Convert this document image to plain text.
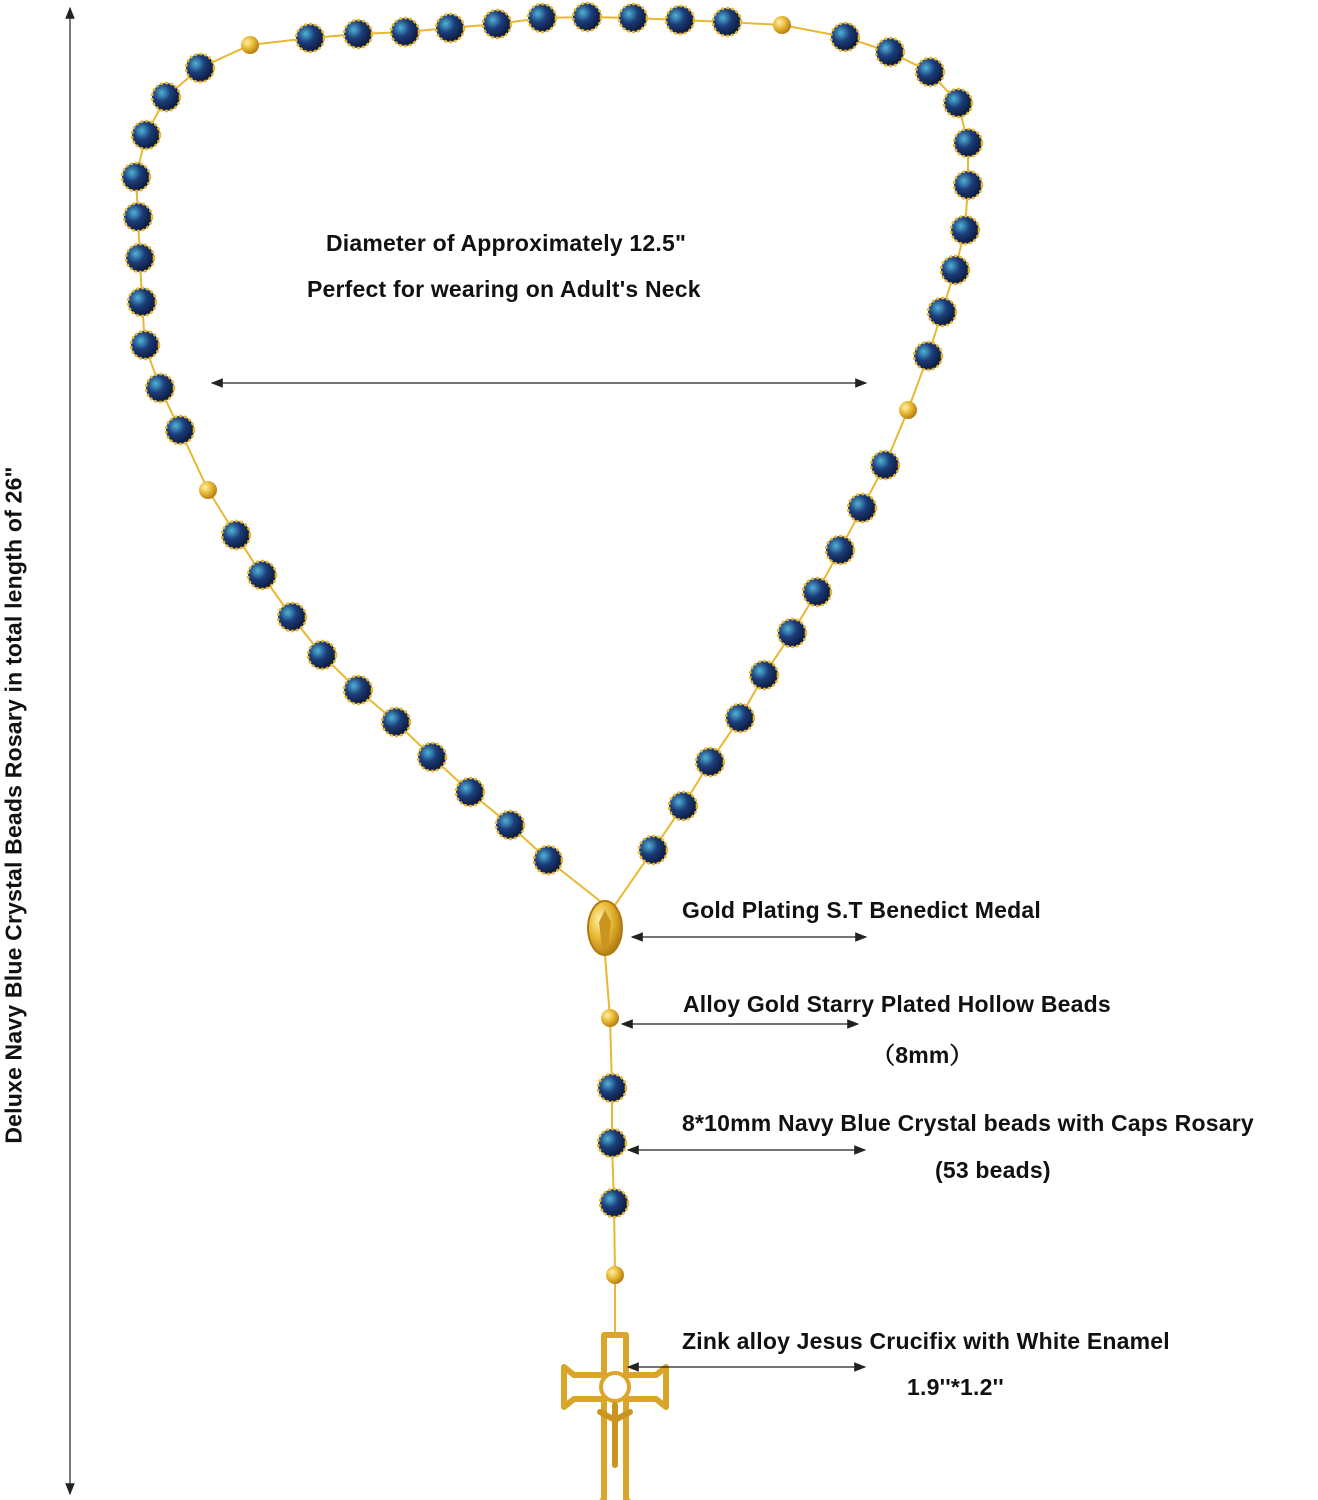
Deluxe Navy Blue Crystal Beads Rosary in total length of 26"
Diameter of Approximately 12.5"
Perfect for wearing on Adult's Neck
Gold Plating S.T Benedict Medal
Alloy Gold Starry Plated Hollow Beads
（8mm）
8*10mm Navy Blue Crystal beads with Caps Rosary
(53 beads)
Zink alloy Jesus Crucifix with White Enamel
1.9''*1.2''
